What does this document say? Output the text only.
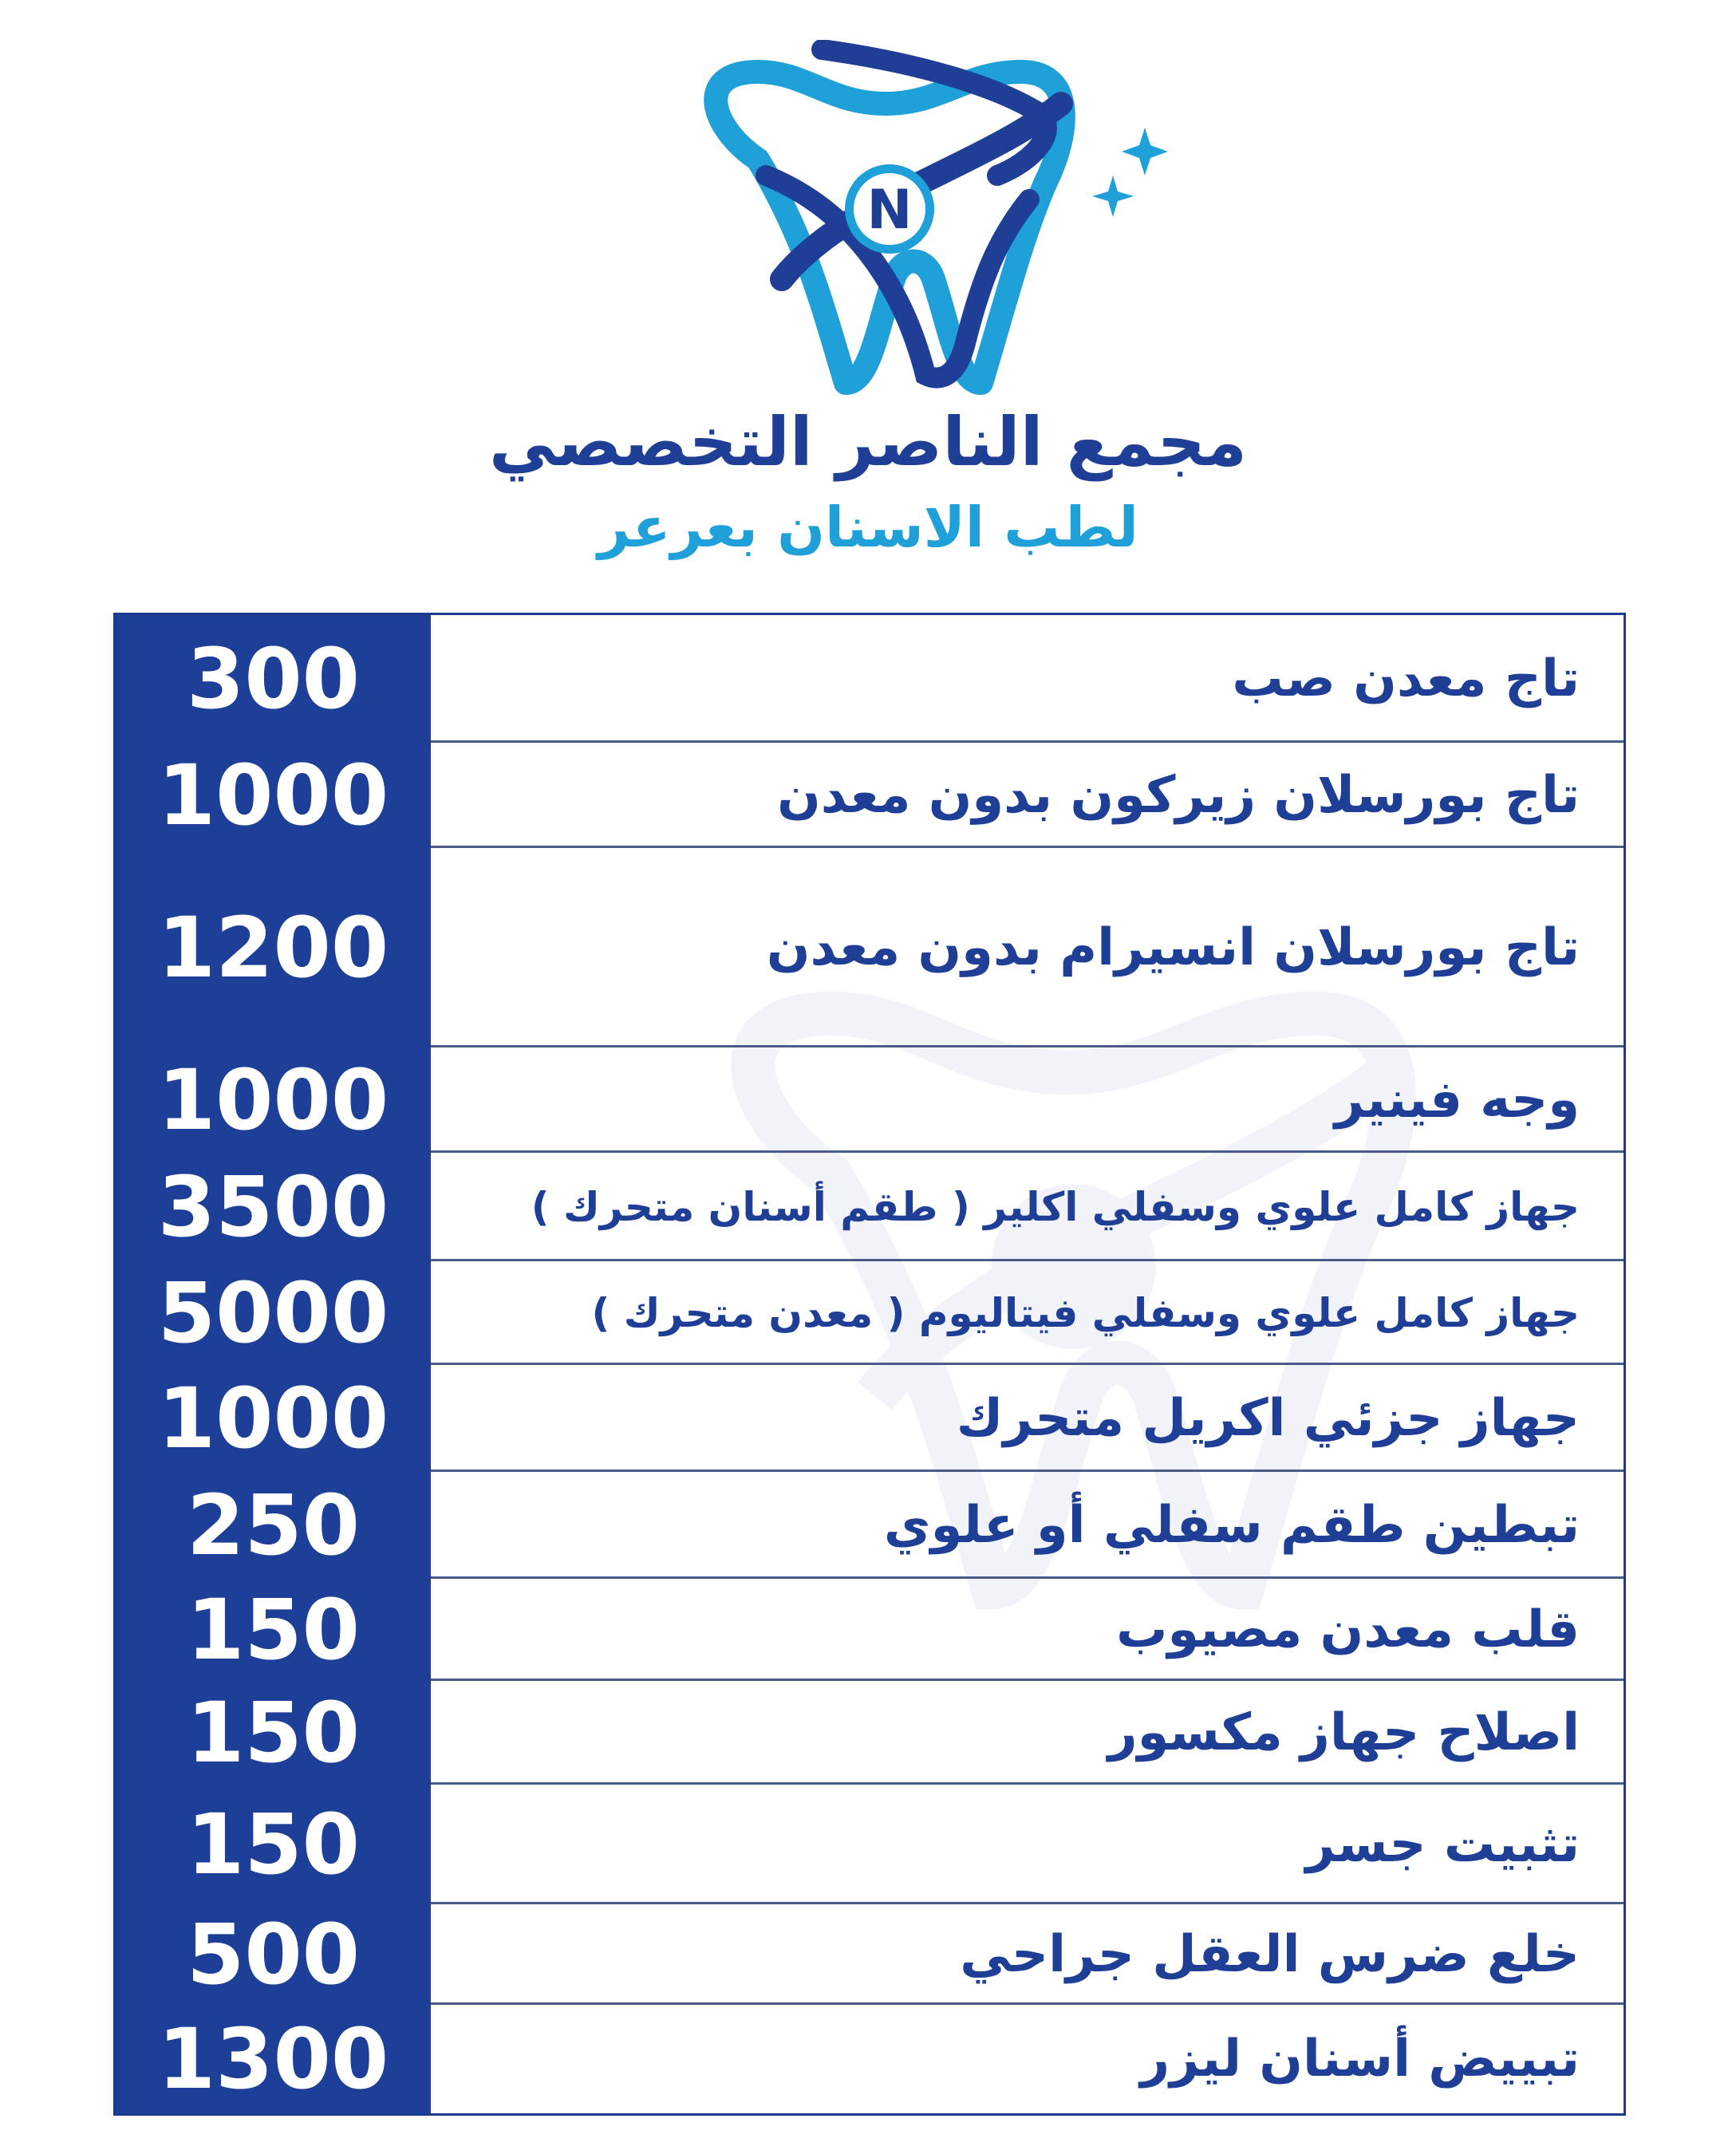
N
مجمع الناصر التخصصي
لطب الاسنان بعرعر
300	تاج معدن صب
1000	تاج بورسلان زيركون بدون معدن
1200	تاج بورسلان انسيرام بدون معدن
1000	وجه فينير
3500	جهاز كامل علوي وسفلي اكلير ( طقم أسنان متحرك )
5000	جهاز كامل علوي وسفلي فيتاليوم ( معدن متحرك )
1000	جهاز جزئي اكريل متحرك
250	تبطين طقم سفلي أو علوي
150	قلب معدن مصيوب
150	اصلاح جهاز مكسور
150	تثبيت جسر
500	خلع ضرس العقل جراحي
1300	تبييض أسنان ليزر
